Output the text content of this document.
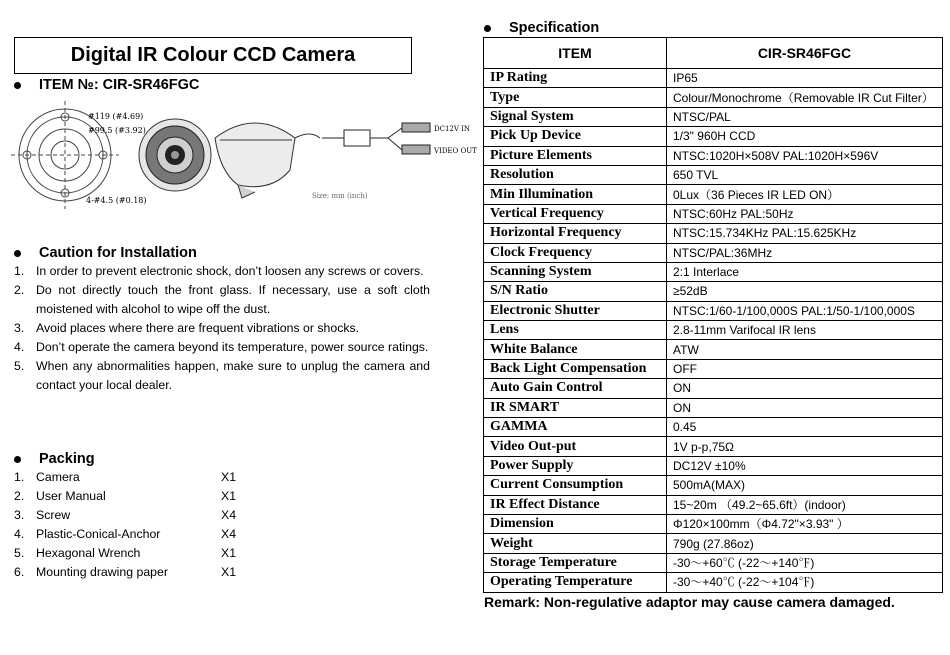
Digital IR Colour CCD Camera
ITEM №: CIR-SR46FGC
#119 (#4.69)
#99.5 (#3.92)
4-#4.5 (#0.18)
DC12V IN
VIDEO OUT
Size: mm (inch)
Caution for Installation
1. In order to prevent electronic shock, don’t loosen any screws or covers.
2. Do not directly touch the front glass. If necessary, use a soft cloth moistened with alcohol to wipe off the dust.
3. Avoid places where there are frequent vibrations or shocks.
4. Don’t operate the camera beyond its temperature, power source ratings.
5. When any abnormalities happen, make sure to unplug the camera and contact your local dealer.
Packing
1. Camera	X1
2. User Manual	X1
3. Screw	X4
4. Plastic-Conical-Anchor	X4
5. Hexagonal Wrench	X1
6. Mounting drawing paper	X1
Specification
ITEM	CIR-SR46FGC
IP Rating	IP65
Type	Colour/Monochrome（Removable IR Cut Filter）
Signal System	NTSC/PAL
Pick Up Device	1/3" 960H CCD
Picture Elements	NTSC:1020H×508V PAL:1020H×596V
Resolution	650 TVL
Min Illumination	0Lux（36 Pieces IR LED ON）
Vertical Frequency	NTSC:60Hz PAL:50Hz
Horizontal Frequency	NTSC:15.734KHz PAL:15.625KHz
Clock Frequency	NTSC/PAL:36MHz
Scanning System	2:1 Interlace
S/N Ratio	≥52dB
Electronic Shutter	NTSC:1/60-1/100,000S PAL:1/50-1/100,000S
Lens	2.8-11mm Varifocal IR lens
White Balance	ATW
Back Light Compensation	OFF
Auto Gain Control	ON
IR SMART	ON
GAMMA	0.45
Video Out-put	1V p-p,75Ω
Power Supply	DC12V ±10%
Current Consumption	500mA(MAX)
IR Effect Distance	15~20m （49.2~65.6ft）(indoor)
Dimension	Φ120×100mm（Φ4.72"×3.93" ）
Weight	790g (27.86oz)
Storage Temperature	-30～+60℃ (-22～+140℉)
Operating Temperature	-30～+40℃ (-22～+104℉)
Remark: Non-regulative adaptor may cause camera damaged.
